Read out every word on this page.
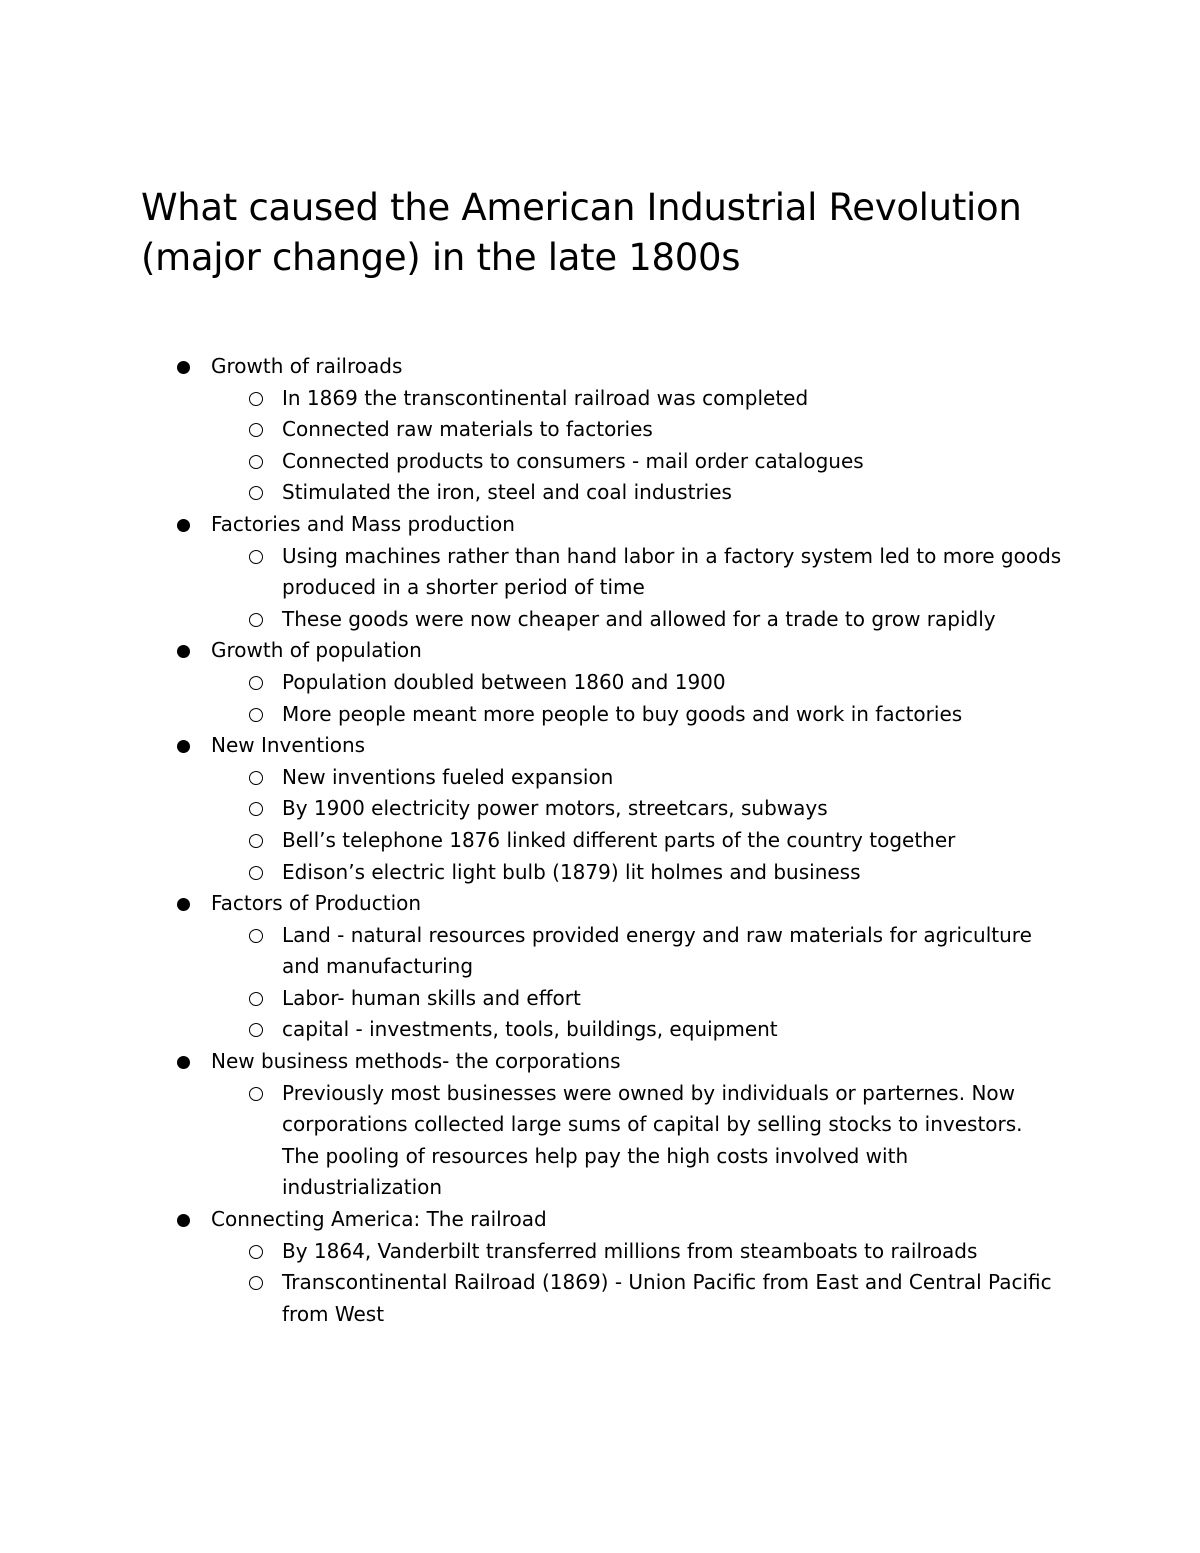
What caused the American Industrial Revolution (major change) in the late 1800s
Growth of railroads
In 1869 the transcontinental railroad was completed
Connected raw materials to factories
Connected products to consumers - mail order catalogues
Stimulated the iron, steel and coal industries
Factories and Mass production
Using machines rather than hand labor in a factory system led to more goods produced in a shorter period of time
These goods were now cheaper and allowed for a trade to grow rapidly
Growth of population
Population doubled between 1860 and 1900
More people meant more people to buy goods and work in factories
New Inventions
New inventions fueled expansion
By 1900 electricity power motors, streetcars, subways
Bell’s telephone 1876 linked different parts of the country together
Edison’s electric light bulb (1879) lit holmes and business
Factors of Production
Land - natural resources provided energy and raw materials for agriculture and manufacturing
Labor- human skills and effort
capital - investments, tools, buildings, equipment
New business methods- the corporations
Previously most businesses were owned by individuals or parternes. Now corporations collected large sums of capital by selling stocks to investors. The pooling of resources help pay the high costs involved with industrialization
Connecting America: The railroad
By 1864, Vanderbilt transferred millions from steamboats to railroads
Transcontinental Railroad (1869) - Union Pacific from East and Central Pacific from West
